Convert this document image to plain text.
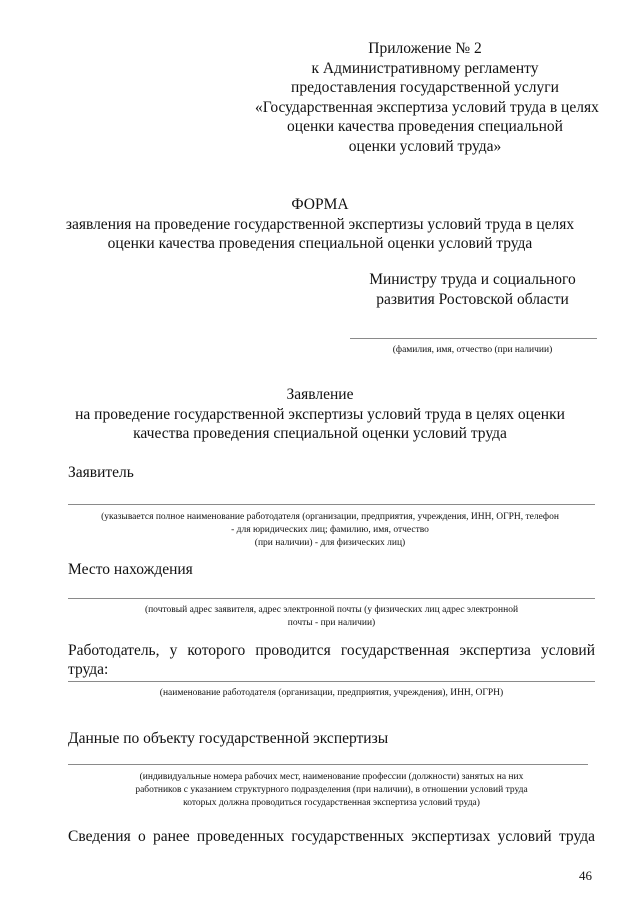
Приложение № 2
к Административному регламенту
предоставления государственной услуги
«Государственная экспертиза условий труда в целях
оценки качества проведения специальной
оценки условий труда»
ФОРМА
заявления на проведение государственной экспертизы условий труда в целях
оценки качества проведения специальной оценки условий труда
Министру труда и социального
развития Ростовской области
(фамилия, имя, отчество (при наличии)
Заявление
на проведение государственной экспертизы условий труда в целях оценки
качества проведения специальной оценки условий труда
Заявитель
(указывается полное наименование работодателя (организации, предприятия, учреждения, ИНН, ОГРН, телефон
- для юридических лиц; фамилию, имя, отчество
(при наличии) - для физических лиц)
Место нахождения
(почтовый адрес заявителя, адрес электронной почты (у физических лиц адрес электронной
почты - при наличии)
Работодатель, у которого проводится государственная экспертиза условий
труда:
(наименование работодателя (организации, предприятия, учреждения), ИНН, ОГРН)
Данные по объекту государственной экспертизы
(индивидуальные номера рабочих мест, наименование профессии (должности) занятых на них
работников с указанием структурного подразделения (при наличии), в отношении условий труда
которых должна проводиться государственная экспертиза условий труда)
Сведения о ранее проведенных государственных экспертизах условий труда
46
